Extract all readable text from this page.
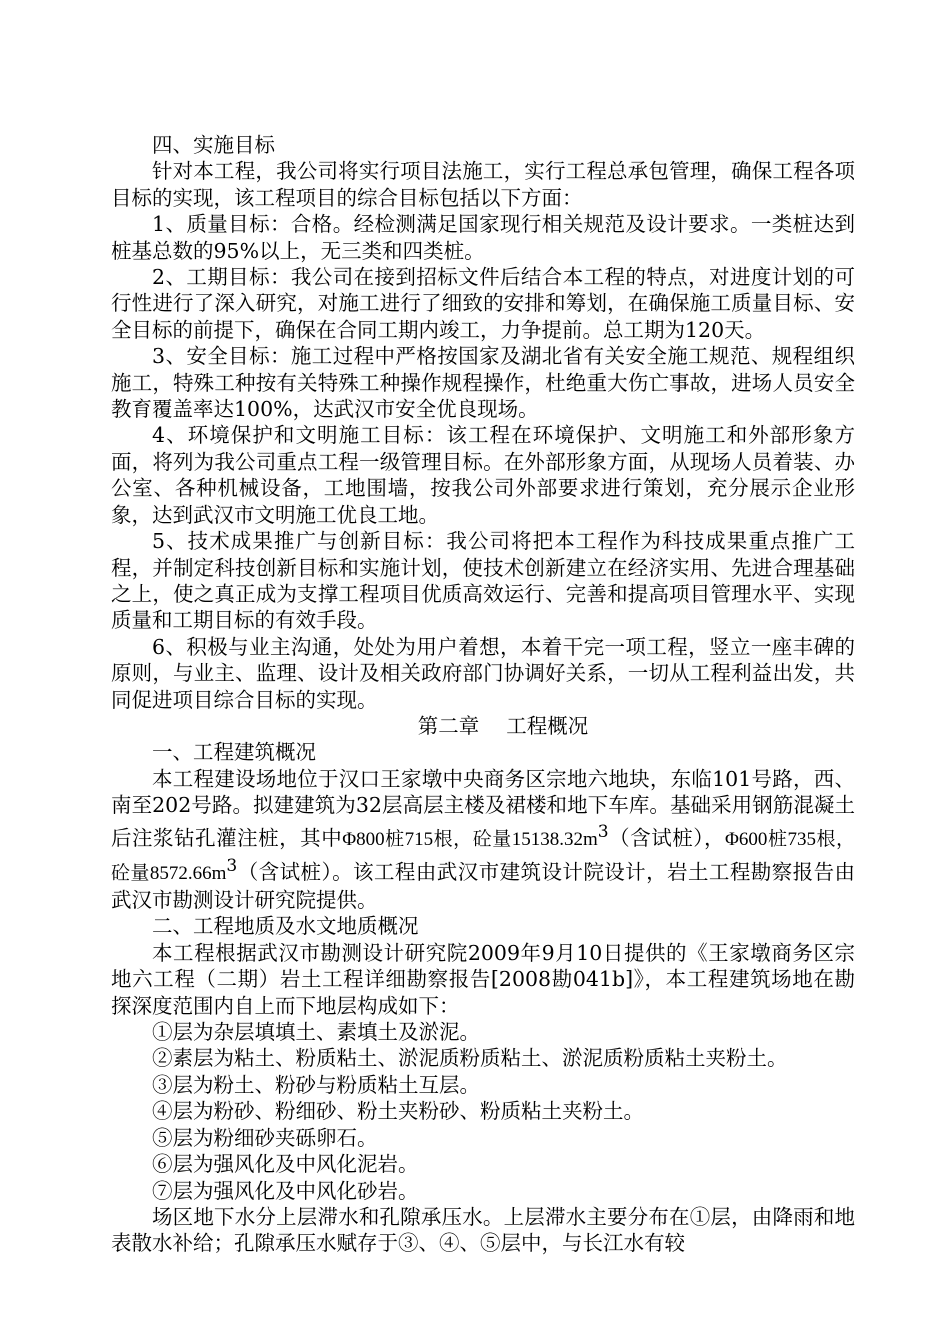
四、实施目标

针对本工程，我公司将实行项目法施工，实行工程总承包管理，确保工程各项目标的实现，该工程项目的综合目标包括以下方面：

1、质量目标：合格。经检测满足国家现行相关规范及设计要求。一类桩达到桩基总数的95%以上，无三类和四类桩。

2、工期目标：我公司在接到招标文件后结合本工程的特点，对进度计划的可行性进行了深入研究，对施工进行了细致的安排和筹划，在确保施工质量目标、安全目标的前提下，确保在合同工期内竣工，力争提前。总工期为120天。

3、安全目标：施工过程中严格按国家及湖北省有关安全施工规范、规程组织施工，特殊工种按有关特殊工种操作规程操作，杜绝重大伤亡事故，进场人员安全教育覆盖率达100%，达武汉市安全优良现场。

4、环境保护和文明施工目标：该工程在环境保护、文明施工和外部形象方面，将列为我公司重点工程一级管理目标。在外部形象方面，从现场人员着装、办公室、各种机械设备，工地围墙，按我公司外部要求进行策划，充分展示企业形象，达到武汉市文明施工优良工地。

5、技术成果推广与创新目标：我公司将把本工程作为科技成果重点推广工程，并制定科技创新目标和实施计划，使技术创新建立在经济实用、先进合理基础之上，使之真正成为支撑工程项目优质高效运行、完善和提高项目管理水平、实现质量和工期目标的有效手段。

6、积极与业主沟通，处处为用户着想，本着干完一项工程，竖立一座丰碑的原则，与业主、监理、设计及相关政府部门协调好关系，一切从工程利益出发，共同促进项目综合目标的实现。

第二章　 工程概况

一、工程建筑概况

本工程建设场地位于汉口王家墩中央商务区宗地六地块，东临101号路，西、南至202号路。拟建建筑为32层高层主楼及裙楼和地下车库。基础采用钢筋混凝土后注浆钻孔灌注桩，其中Φ800桩715根，砼量$15138.32m^3$（含试桩），Φ600桩735根，砼量$8572.66m^3$（含试桩）。该工程由武汉市建筑设计院设计，岩土工程勘察报告由武汉市勘测设计研究院提供。

二、工程地质及水文地质概况

本工程根据武汉市勘测设计研究院2009年9月10日提供的《王家墩商务区宗地六工程（二期）岩土工程详细勘察报告[2008勘041b]》，本工程建筑场地在勘探深度范围内自上而下地层构成如下：

①层为杂层填填土、素填土及淤泥。

②素层为粘土、粉质粘土、淤泥质粉质粘土、淤泥质粉质粘土夹粉土。

③层为粉土、粉砂与粉质粘土互层。

④层为粉砂、粉细砂、粉土夹粉砂、粉质粘土夹粉土。

⑤层为粉细砂夹砾卵石。

⑥层为强风化及中风化泥岩。

⑦层为强风化及中风化砂岩。

场区地下水分上层滞水和孔隙承压水。上层滞水主要分布在①层，由降雨和地表散水补给；孔隙承压水赋存于③、④、⑤层中，与长江水有较
